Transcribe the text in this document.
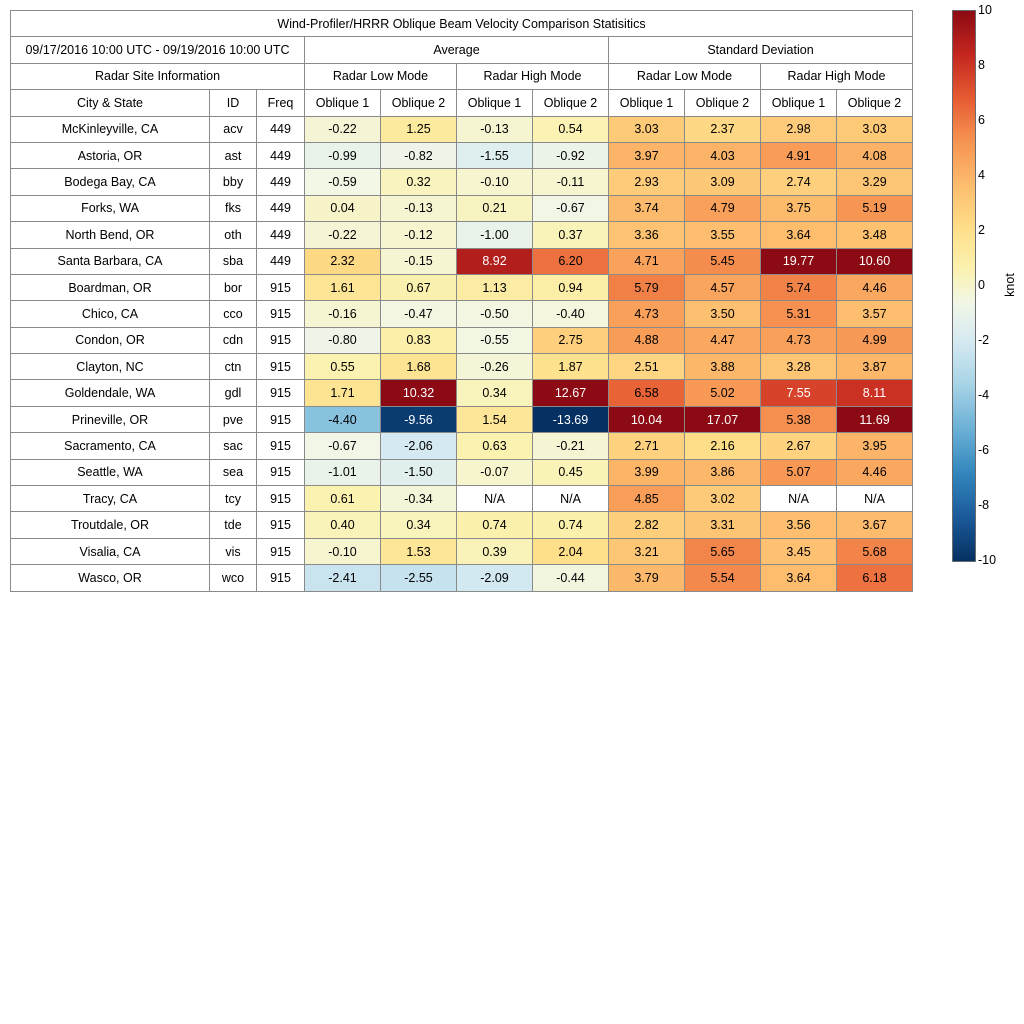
Wind-Profiler/HRRR Oblique Beam Velocity Comparison Statisitics										
09/17/2016 10:00 UTC - 09/19/2016 10:00 UTC			Average				Standard Deviation			
Radar Site Information			Radar Low Mode		Radar High Mode		Radar Low Mode		Radar High Mode	
City & State	ID	Freq	Oblique 1	Oblique 2	Oblique 1	Oblique 2	Oblique 1	Oblique 2	Oblique 1	Oblique 2
McKinleyville, CA	acv	449	-0.22	1.25	-0.13	0.54	3.03	2.37	2.98	3.03
Astoria, OR	ast	449	-0.99	-0.82	-1.55	-0.92	3.97	4.03	4.91	4.08
Bodega Bay, CA	bby	449	-0.59	0.32	-0.10	-0.11	2.93	3.09	2.74	3.29
Forks, WA	fks	449	0.04	-0.13	0.21	-0.67	3.74	4.79	3.75	5.19
North Bend, OR	oth	449	-0.22	-0.12	-1.00	0.37	3.36	3.55	3.64	3.48
Santa Barbara, CA	sba	449	2.32	-0.15	8.92	6.20	4.71	5.45	19.77	10.60
Boardman, OR	bor	915	1.61	0.67	1.13	0.94	5.79	4.57	5.74	4.46
Chico, CA	cco	915	-0.16	-0.47	-0.50	-0.40	4.73	3.50	5.31	3.57
Condon, OR	cdn	915	-0.80	0.83	-0.55	2.75	4.88	4.47	4.73	4.99
Clayton, NC	ctn	915	0.55	1.68	-0.26	1.87	2.51	3.88	3.28	3.87
Goldendale, WA	gdl	915	1.71	10.32	0.34	12.67	6.58	5.02	7.55	8.11
Prineville, OR	pve	915	-4.40	-9.56	1.54	-13.69	10.04	17.07	5.38	11.69
Sacramento, CA	sac	915	-0.67	-2.06	0.63	-0.21	2.71	2.16	2.67	3.95
Seattle, WA	sea	915	-1.01	-1.50	-0.07	0.45	3.99	3.86	5.07	4.46
Tracy, CA	tcy	915	0.61	-0.34	N/A	N/A	4.85	3.02	N/A	N/A
Troutdale, OR	tde	915	0.40	0.34	0.74	0.74	2.82	3.31	3.56	3.67
Visalia, CA	vis	915	-0.10	1.53	0.39	2.04	3.21	5.65	3.45	5.68
Wasco, OR	wco	915	-2.41	-2.55	-2.09	-0.44	3.79	5.54	3.64	6.18
10
8
6
4
2
0
-2
-4
-6
-8
-10
knot
